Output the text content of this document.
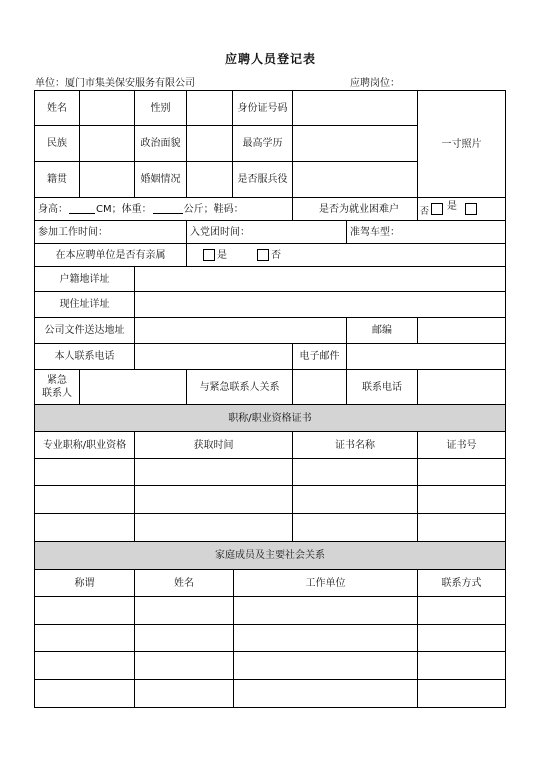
应聘人员登记表
单位：厦门市集美保安服务有限公司	应聘岗位：
姓名	性别	身份证号码
一寸照片
民族	政治面貌	最高学历
籍贯	婚姻情况	是否服兵役
身高：	CM；体重：	公斤；鞋码：	是否为就业困难户	否 是
参加工作时间：	入党团时间：	准驾车型：
在本应聘单位是否有亲属	是	否
户籍地详址
现住址详址
公司文件送达地址	邮编
本人联系电话	电子邮件
紧急
联系人
与紧急联系人关系	联系电话
职称/职业资格证书
专业职称/职业资格	获取时间	证书名称	证书号
家庭成员及主要社会关系
称谓	姓名	工作单位	联系方式
